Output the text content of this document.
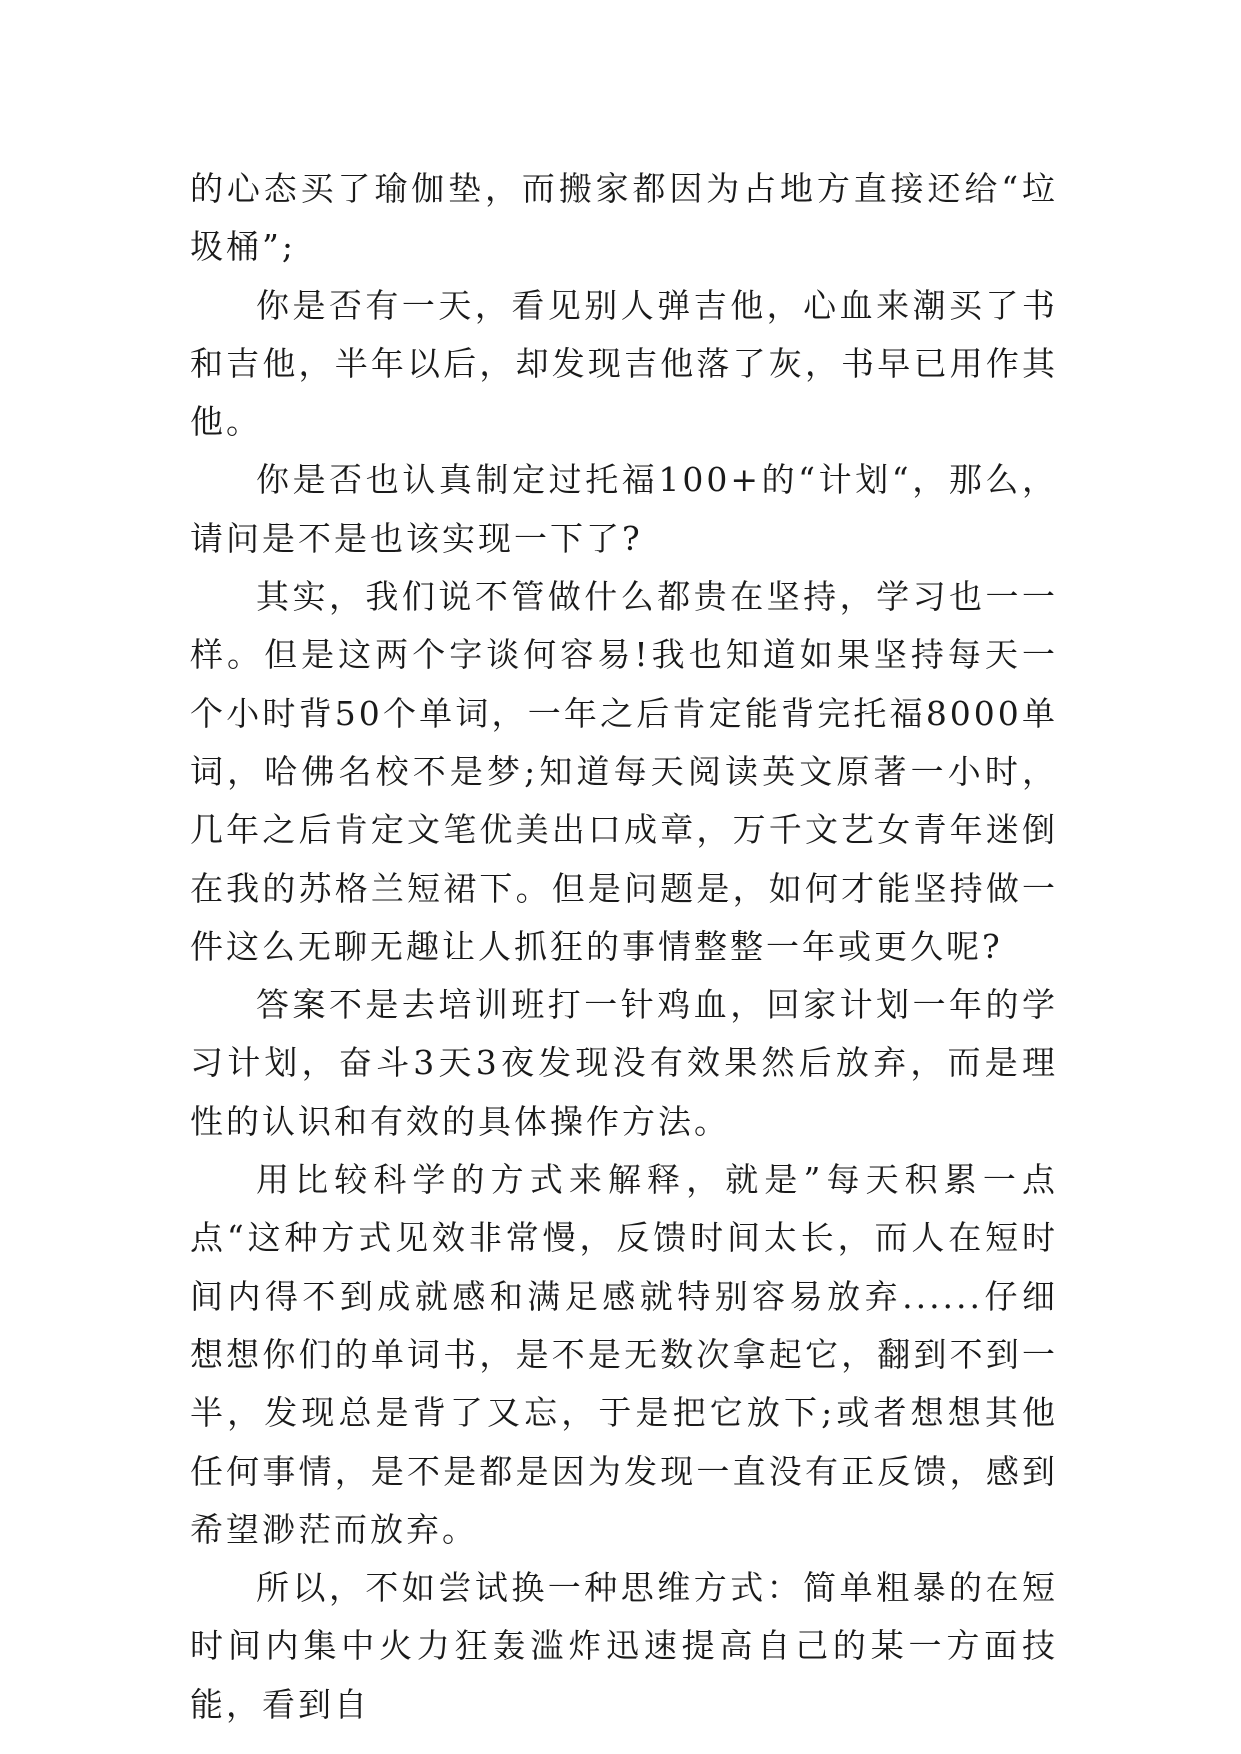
的心态买了瑜伽垫，而搬家都因为占地方直接还给“垃圾桶”;

你是否有一天，看见别人弹吉他，心血来潮买了书和吉他，半年以后，却发现吉他落了灰，书早已用作其他。

你是否也认真制定过托福100+的“计划“，那么，请问是不是也该实现一下了?

其实，我们说不管做什么都贵在坚持，学习也一一样。但是这两个字谈何容易!我也知道如果坚持每天一个小时背50个单词，一年之后肯定能背完托福8000单词，哈佛名校不是梦;知道每天阅读英文原著一小时，几年之后肯定文笔优美出口成章，万千文艺女青年迷倒在我的苏格兰短裙下。但是问题是，如何才能坚持做一件这么无聊无趣让人抓狂的事情整整一年或更久呢?

答案不是去培训班打一针鸡血，回家计划一年的学习计划，奋斗3天3夜发现没有效果然后放弃，而是理性的认识和有效的具体操作方法。

用比较科学的方式来解释，就是”每天积累一点点“这种方式见效非常慢，反馈时间太长，而人在短时间内得不到成就感和满足感就特别容易放弃......仔细想想你们的单词书，是不是无数次拿起它，翻到不到一半，发现总是背了又忘，于是把它放下;或者想想其他任何事情，是不是都是因为发现一直没有正反馈，感到希望渺茫而放弃。

所以，不如尝试换一种思维方式：简单粗暴的在短时间内集中火力狂轰滥炸迅速提高自己的某一方面技能，看到自
